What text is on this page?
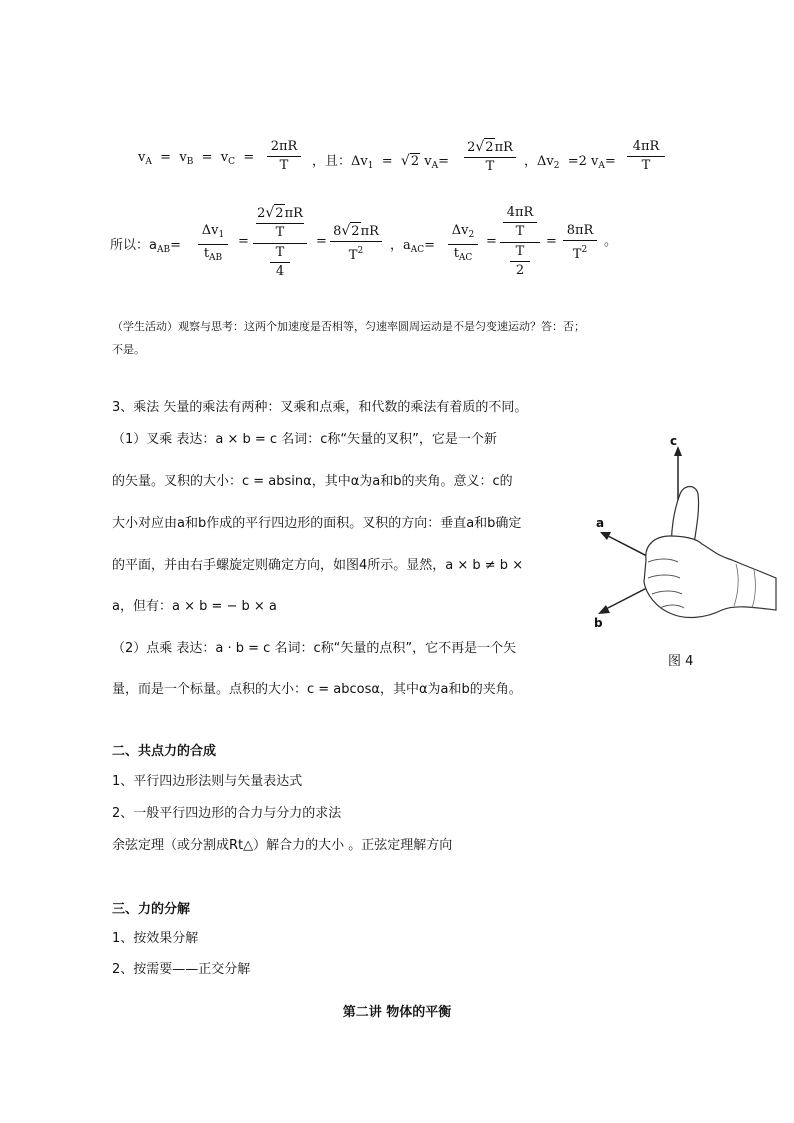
$v_A = v_B = v_C$ =
2πR
T	，且：$\Delta v_1 = √2$ $v_A=$
2√2πR
T	，$\Delta v_2 =2$ $v_A=$
4πR
T
所以：$a_{AB}=$
$\Delta v_1$
$t_{AB}$
=
2√2πR
T
T
4
=
8√2πR
$T^2$	，$a_{AC}=$
$\Delta v_2$
$t_{AC}$
=
4πR
T
T
2
=
8πR
$T^2$
。
（学生活动）观察与思考：这两个加速度是否相等，匀速率圆周运动是不是匀变速运动？答：否；
不是。
3、乘法 矢量的乘法有两种：叉乘和点乘，和代数的乘法有着质的不同。
（1）叉乘 表达：a × b = c 名词：c称“矢量的叉积”，它是一个新
的矢量。叉积的大小：c = absinα，其中α为a和b的夹角。意义：c的
大小对应由a和b作成的平行四边形的面积。叉积的方向：垂直a和b确定
的平面，并由右手螺旋定则确定方向，如图4所示。显然，a × b ≠ b ×
a，但有：a × b = − b × a
（2）点乘 表达：a · b = c 名词：c称“矢量的点积”，它不再是一个矢
量，而是一个标量。点积的大小：c = abcosα，其中α为a和b的夹角。
c
a
b
图 4
二、共点力的合成
1、平行四边形法则与矢量表达式
2、一般平行四边形的合力与分力的求法
余弦定理（或分割成Rt△）解合力的大小 。正弦定理解方向
三、力的分解
1、按效果分解
2、按需要——正交分解
第二讲 物体的平衡
